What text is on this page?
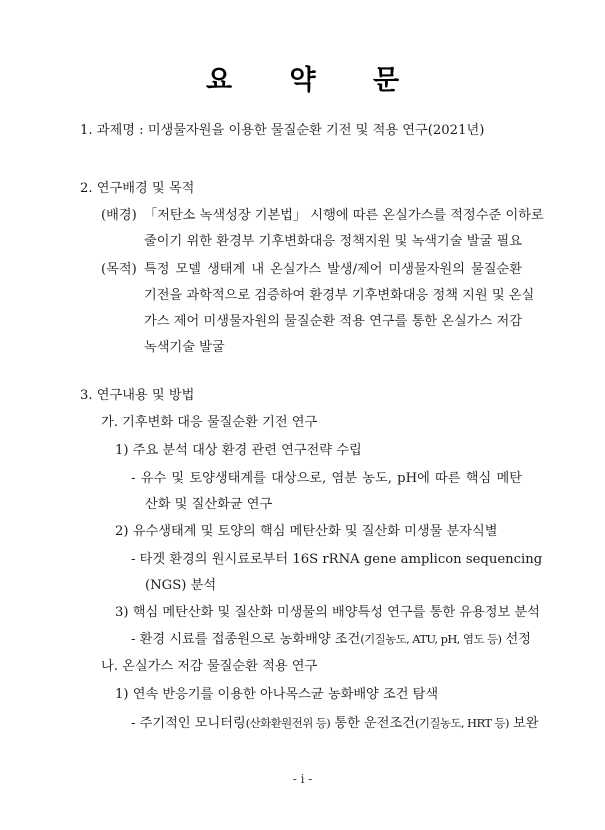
요 약 문
1. 과제명 : 미생물자원을 이용한 물질순환 기전 및 적용 연구(2021년)
2. 연구배경 및 목적
(배경) 「저탄소 녹색성장 기본법」 시행에 따른 온실가스를 적정수준 이하로
줄이기 위한 환경부 기후변화대응 정책지원 및 녹색기술 발굴 필요
(목적) 특정 모델 생태계 내 온실가스 발생/제어 미생물자원의 물질순환
기전을 과학적으로 검증하여 환경부 기후변화대응 정책 지원 및 온실
가스 제어 미생물자원의 물질순환 적용 연구를 통한 온실가스 저감
녹색기술 발굴
3. 연구내용 및 방법
가. 기후변화 대응 물질순환 기전 연구
1) 주요 분석 대상 환경 관련 연구전략 수립
- 유수 및 토양생태계를 대상으로, 염분 농도, pH에 따른 핵심 메탄
산화 및 질산화균 연구
2) 유수생태계 및 토양의 핵심 메탄산화 및 질산화 미생물 분자식별
- 타겟 환경의 원시료로부터 16S rRNA gene amplicon sequencing
(NGS) 분석
3) 핵심 메탄산화 및 질산화 미생물의 배양특성 연구를 통한 유용정보 분석
- 환경 시료를 접종원으로 농화배양 조건(기질농도, ATU, pH, 염도 등) 선정
나. 온실가스 저감 물질순환 적용 연구
1) 연속 반응기를 이용한 아나목스균 농화배양 조건 탐색
- 주기적인 모니터링(산화환원전위 등) 통한 운전조건(기질농도, HRT 등) 보완
- i -
